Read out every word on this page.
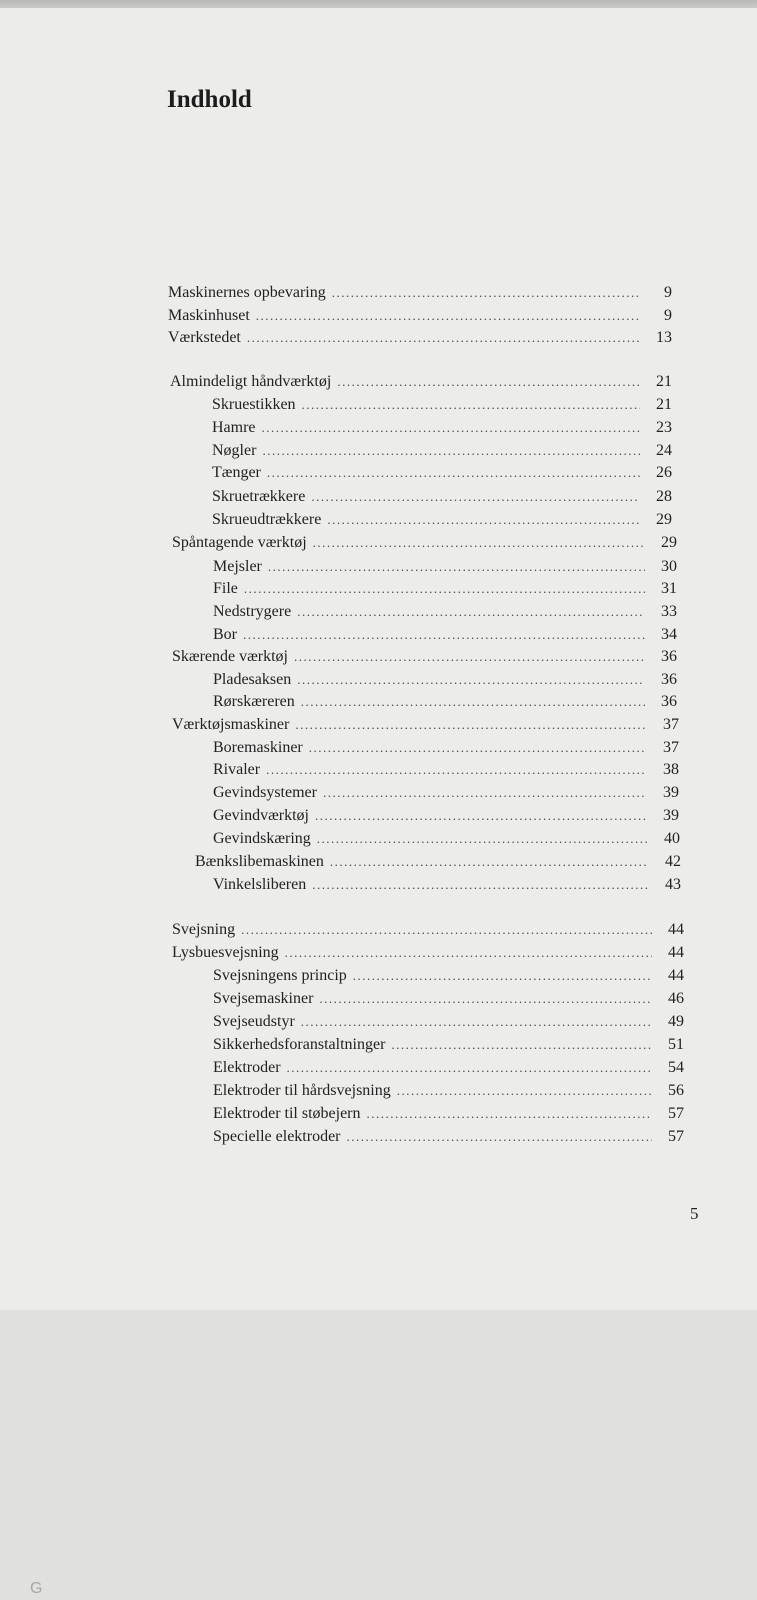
Indhold
Maskinernes opbevaring .....	9
Maskinhuset .....	9
Værkstedet .....	13
Almindeligt håndværktøj .....	21
Skruestikken .....	21
Hamre .....	23
Nøgler .....	24
Tænger .....	26
Skruetrækkere .....	28
Skrueudtrækkere .....	29
Spåntagende værktøj .....	29
Mejsler .....	30
File .....	31
Nedstrygere .....	33
Bor .....	34
Skærende værktøj .....	36
Pladesaksen .....	36
Rørskæreren .....	36
Værktøjsmaskiner .....	37
Boremaskiner .....	37
Rivaler .....	38
Gevindsystemer .....	39
Gevindværktøj .....	39
Gevindskæring .....	40
Bænkslibemaskinen .....	42
Vinkelsliberen .....	43
Svejsning .....	44
Lysbuesvejsning .....	44
Svejsningens princip .....	44
Svejsemaskiner .....	46
Svejseudstyr .....	49
Sikkerhedsforanstaltninger .....	51
Elektroder .....	54
Elektroder til hårdsvejsning .....	56
Elektroder til støbejern .....	57
Specielle elektroder .....	57
5
G
